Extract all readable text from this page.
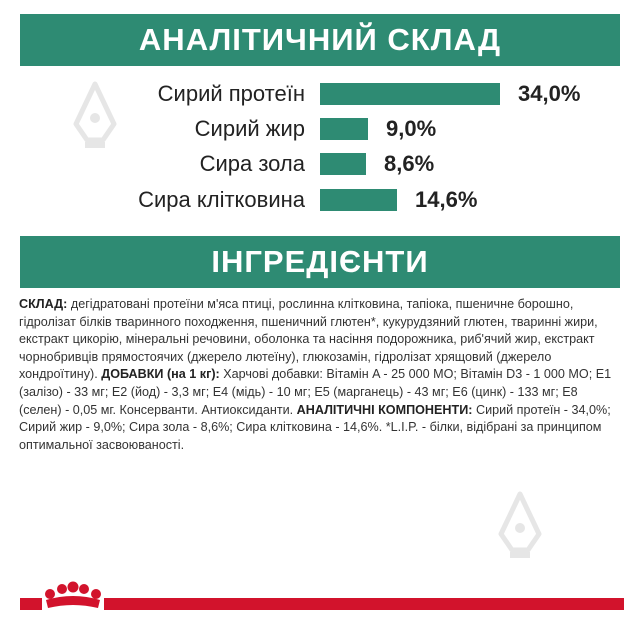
АНАЛІТИЧНИЙ СКЛАД
Сирий протеїн	34,0%
Сирий жир	9,0%
Сира зола	8,6%
Сира клітковина	14,6%
ІНГРЕДІЄНТИ
СКЛАД: дегідратовані протеїни м'яса птиці, рослинна клітковина, тапіока, пшеничне борошно, гідролізат білків тваринного походження, пшеничний глютен*, кукурудзяний глютен, тваринні жири, екстракт цикорію, мінеральні речовини, оболонка та насіння подорожника, риб'ячий жир, екстракт чорнобривців прямостоячих (джерело лютеїну), глюкозамін, гідролізат хрящовий (джерело хондроїтину). ДОБАВКИ (на 1 кг): Харчові добавки: Вітамін A - 25 000 МО; Вітамін D3 - 1 000 МО; E1 (залізо) - 33 мг; E2 (йод) - 3,3 мг; E4 (мідь) - 10 мг; E5 (марганець) - 43 мг; E6 (цинк) - 133 мг; E8 (селен) - 0,05 мг. Консерванти. Антиоксиданти. АНАЛІТИЧНІ КОМПОНЕНТИ: Сирий протеїн - 34,0%; Сирий жир - 9,0%; Сира зола - 8,6%; Сира клітковина - 14,6%. *L.I.P. - білки, відібрані за принципом оптимальної засвоюваності.
